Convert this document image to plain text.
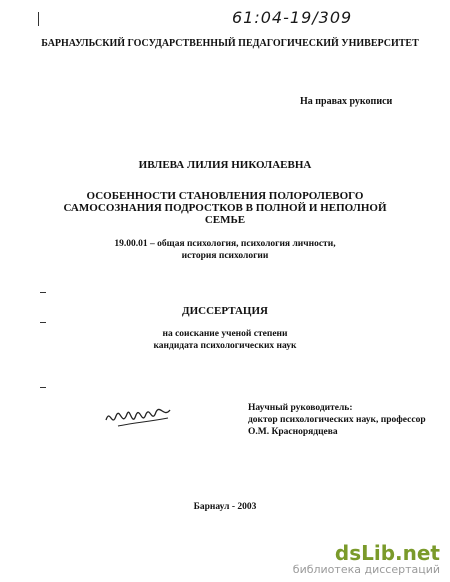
61:04-19/309
БАРНАУЛЬСКИЙ ГОСУДАРСТВЕННЫЙ ПЕДАГОГИЧЕСКИЙ УНИВЕРСИТЕТ
На правах рукописи
ИВЛЕВА ЛИЛИЯ НИКОЛАЕВНА
ОСОБЕННОСТИ СТАНОВЛЕНИЯ ПОЛОРОЛЕВОГО
САМОСОЗНАНИЯ ПОДРОСТКОВ В ПОЛНОЙ И НЕПОЛНОЙ
СЕМЬЕ
19.00.01 – общая психология, психология личности,
история психологии
ДИССЕРТАЦИЯ
на соискание ученой степени
кандидата психологических наук
Научный руководитель:
доктор психологических наук, профессор
О.М. Краснорядцева
Барнаул - 2003
dsLib.net
библиотека диссертаций
